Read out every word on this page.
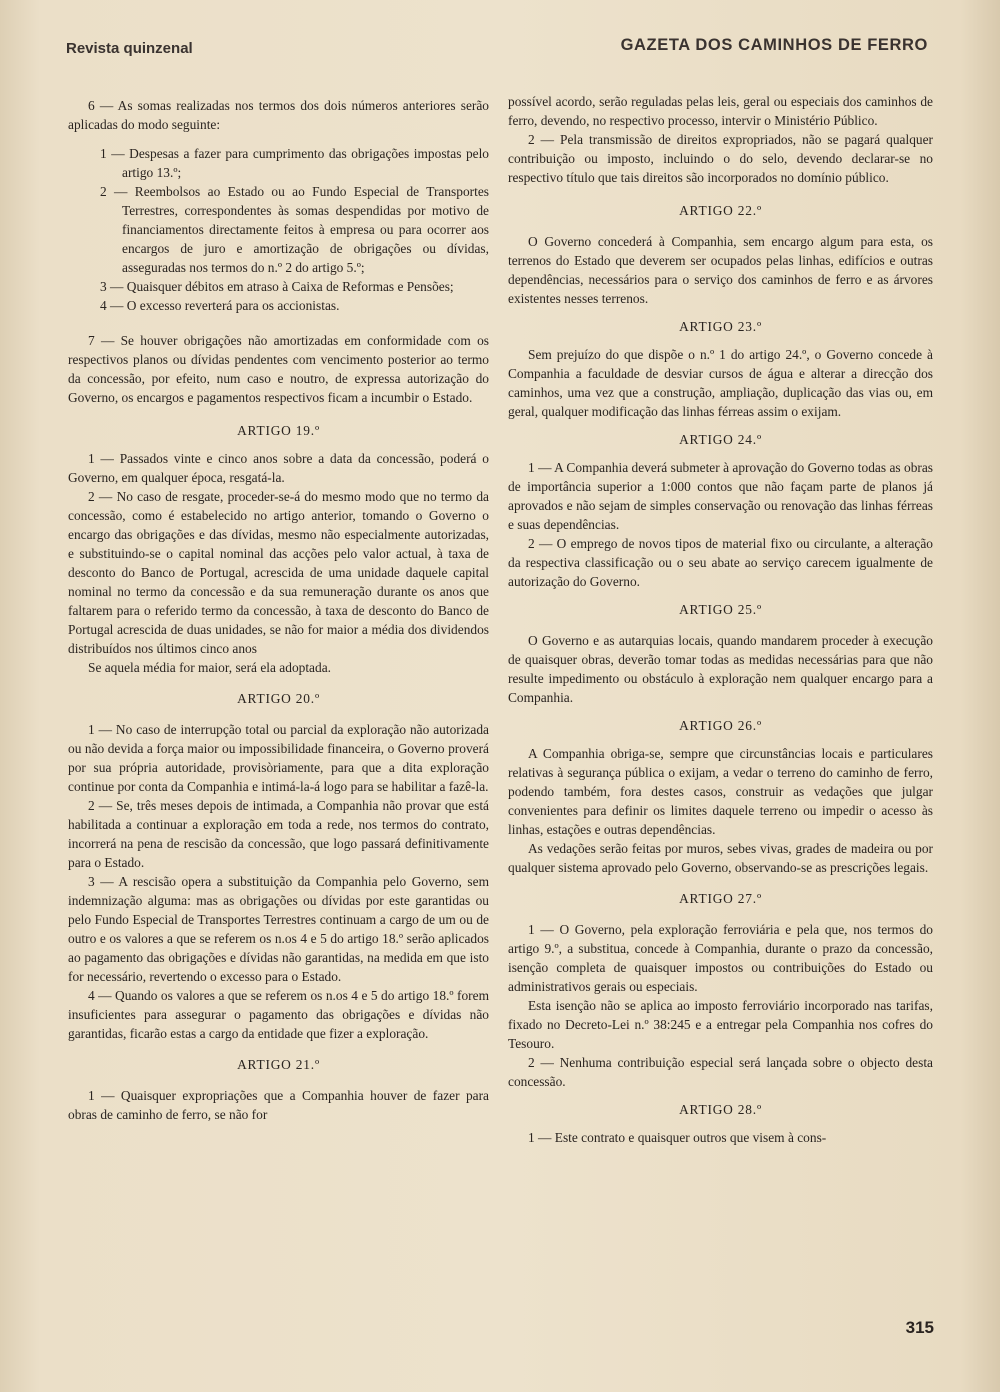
Revista quinzenal	GAZETA DOS CAMINHOS DE FERRO

6 — As somas realizadas nos termos dos dois números anteriores serão aplicadas do modo seguinte:

1 — Despesas a fazer para cumprimento das obrigações impostas pelo artigo 13.º;
2 — Reembolsos ao Estado ou ao Fundo Especial de Transportes Terrestres, correspondentes às somas despendidas por motivo de financiamentos directamente feitos à empresa ou para ocorrer aos encargos de juro e amortização de obrigações ou dívidas, asseguradas nos termos do n.º 2 do artigo 5.º;
3 — Quaisquer débitos em atraso à Caixa de Reformas e Pensões;
4 — O excesso reverterá para os accionistas.

7 — Se houver obrigações não amortizadas em conformidade com os respectivos planos ou dívidas pendentes com vencimento posterior ao termo da concessão, por efeito, num caso e noutro, de expressa autorização do Governo, os encargos e pagamentos respectivos ficam a incumbir o Estado.

ARTIGO 19.º

1 — Passados vinte e cinco anos sobre a data da concessão, poderá o Governo, em qualquer época, resgatá-la.

2 — No caso de resgate, proceder-se-á do mesmo modo que no termo da concessão, como é estabelecido no artigo anterior, tomando o Governo o encargo das obrigações e das dívidas, mesmo não especialmente autorizadas, e substituindo-se o capital nominal das acções pelo valor actual, à taxa de desconto do Banco de Portugal, acrescida de uma unidade daquele capital nominal no termo da concessão e da sua remuneração durante os anos que faltarem para o referido termo da concessão, à taxa de desconto do Banco de Portugal acrescida de duas unidades, se não for maior a média dos dividendos distribuídos nos últimos cinco anos

Se aquela média for maior, será ela adoptada.

ARTIGO 20.º

1 — No caso de interrupção total ou parcial da exploração não autorizada ou não devida a força maior ou impossibilidade financeira, o Governo proverá por sua própria autoridade, provisòriamente, para que a dita exploração continue por conta da Companhia e intimá-la-á logo para se habilitar a fazê-la.

2 — Se, três meses depois de intimada, a Companhia não provar que está habilitada a continuar a exploração em toda a rede, nos termos do contrato, incorrerá na pena de rescisão da concessão, que logo passará definitivamente para o Estado.

3 — A rescisão opera a substituição da Companhia pelo Governo, sem indemnização alguma: mas as obrigações ou dívidas por este garantidas ou pelo Fundo Especial de Transportes Terrestres continuam a cargo de um ou de outro e os valores a que se referem os n.os 4 e 5 do artigo 18.º serão aplicados ao pagamento das obrigações e dívidas não garantidas, na medida em que isto for necessário, revertendo o excesso para o Estado.

4 — Quando os valores a que se referem os n.os 4 e 5 do artigo 18.º forem insuficientes para assegurar o pagamento das obrigações e dívidas não garantidas, ficarão estas a cargo da entidade que fizer a exploração.

ARTIGO 21.º

1 — Quaisquer expropriações que a Companhia houver de fazer para obras de caminho de ferro, se não for

possível acordo, serão reguladas pelas leis, geral ou especiais dos caminhos de ferro, devendo, no respectivo processo, intervir o Ministério Público.

2 — Pela transmissão de direitos expropriados, não se pagará qualquer contribuição ou imposto, incluindo o do selo, devendo declarar-se no respectivo título que tais direitos são incorporados no domínio público.

ARTIGO 22.º

O Governo concederá à Companhia, sem encargo algum para esta, os terrenos do Estado que deverem ser ocupados pelas linhas, edifícios e outras dependências, necessários para o serviço dos caminhos de ferro e as árvores existentes nesses terrenos.

ARTIGO 23.º

Sem prejuízo do que dispõe o n.º 1 do artigo 24.º, o Governo concede à Companhia a faculdade de desviar cursos de água e alterar a direcção dos caminhos, uma vez que a construção, ampliação, duplicação das vias ou, em geral, qualquer modificação das linhas férreas assim o exijam.

ARTIGO 24.º

1 — A Companhia deverá submeter à aprovação do Governo todas as obras de importância superior a 1:000 contos que não façam parte de planos já aprovados e não sejam de simples conservação ou renovação das linhas férreas e suas dependências.

2 — O emprego de novos tipos de material fixo ou circulante, a alteração da respectiva classificação ou o seu abate ao serviço carecem igualmente de autorização do Governo.

ARTIGO 25.º

O Governo e as autarquias locais, quando mandarem proceder à execução de quaisquer obras, deverão tomar todas as medidas necessárias para que não resulte impedimento ou obstáculo à exploração nem qualquer encargo para a Companhia.

ARTIGO 26.º

A Companhia obriga-se, sempre que circunstâncias locais e particulares relativas à segurança pública o exijam, a vedar o terreno do caminho de ferro, podendo também, fora destes casos, construir as vedações que julgar convenientes para definir os limites daquele terreno ou impedir o acesso às linhas, estações e outras dependências.

As vedações serão feitas por muros, sebes vivas, grades de madeira ou por qualquer sistema aprovado pelo Governo, observando-se as prescrições legais.

ARTIGO 27.º

1 — O Governo, pela exploração ferroviária e pela que, nos termos do artigo 9.º, a substitua, concede à Companhia, durante o prazo da concessão, isenção completa de quaisquer impostos ou contribuições do Estado ou administrativos gerais ou especiais.

Esta isenção não se aplica ao imposto ferroviário incorporado nas tarifas, fixado no Decreto-Lei n.º 38:245 e a entregar pela Companhia nos cofres do Tesouro.

2 — Nenhuma contribuição especial será lançada sobre o objecto desta concessão.

ARTIGO 28.º

1 — Este contrato e quaisquer outros que visem à cons-

315
